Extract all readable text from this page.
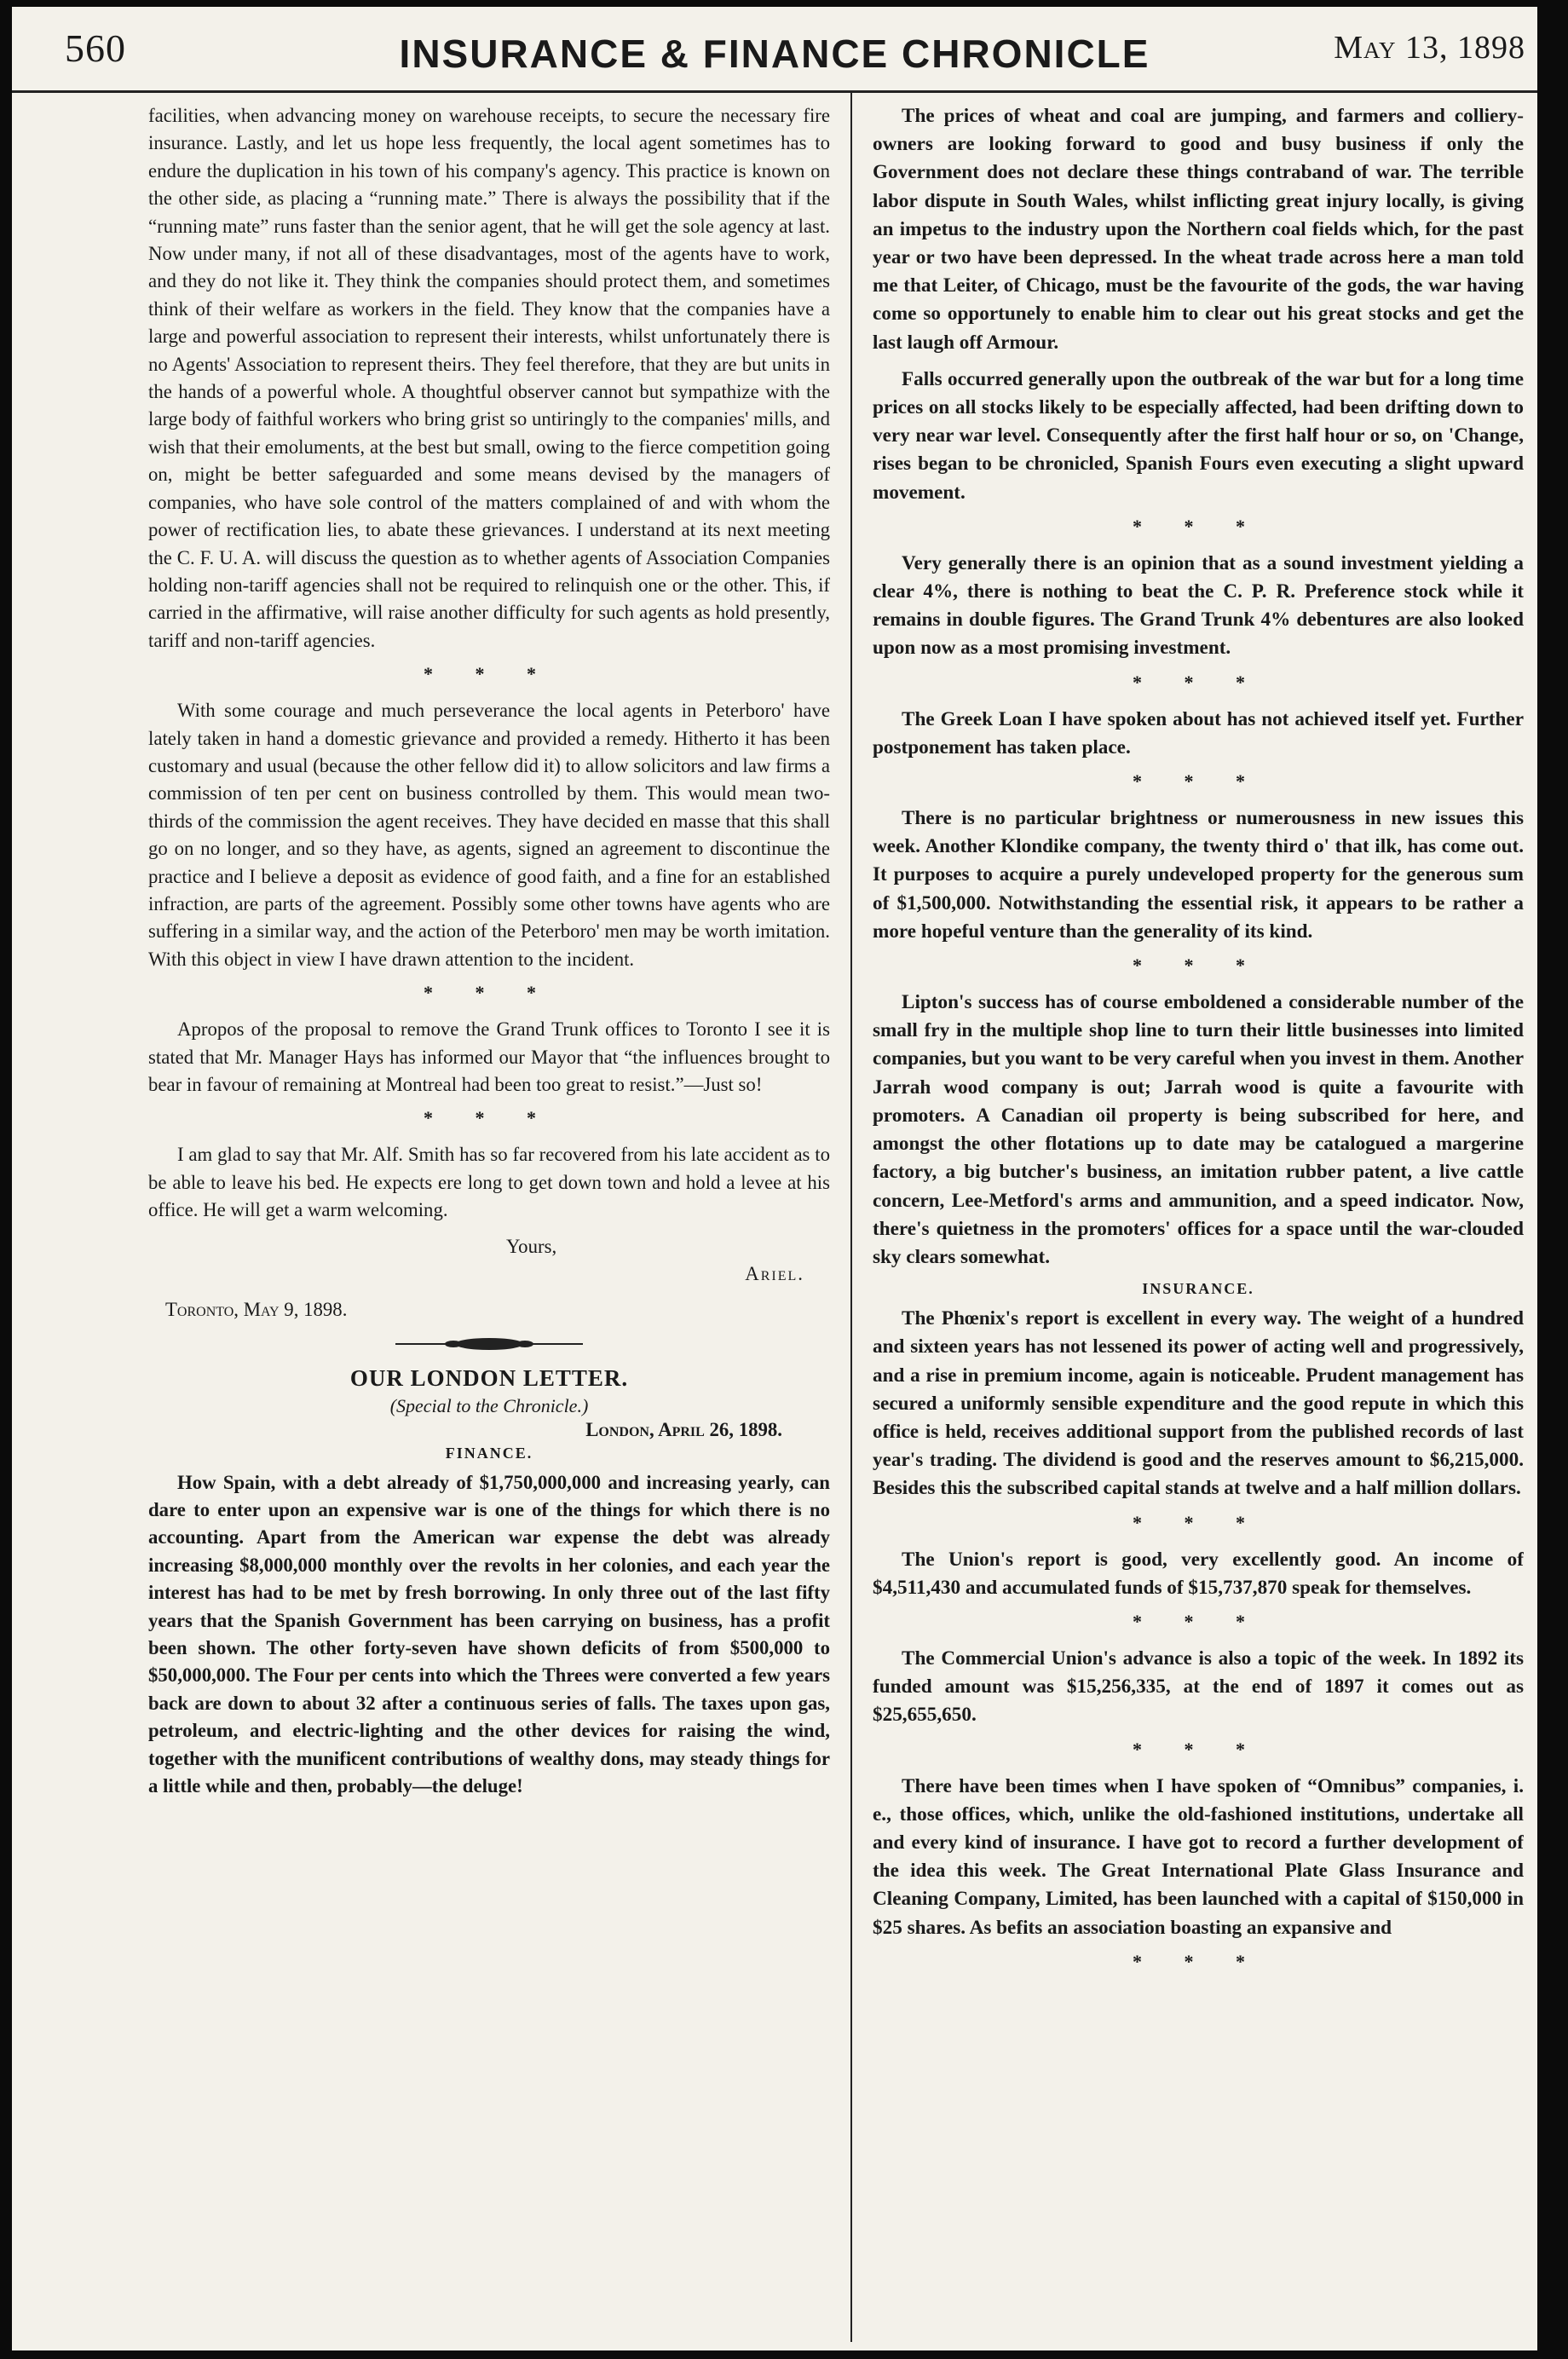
560	INSURANCE & FINANCE CHRONICLE	May 13, 1898

facilities, when advancing money on warehouse receipts, to secure the necessary fire insurance. Lastly, and let us hope less frequently, the local agent sometimes has to endure the duplication in his town of his company's agency. This practice is known on the other side, as placing a “running mate.” There is always the possibility that if the “running mate” runs faster than the senior agent, that he will get the sole agency at last. Now under many, if not all of these disadvantages, most of the agents have to work, and they do not like it. They think the companies should protect them, and sometimes think of their welfare as workers in the field. They know that the companies have a large and powerful association to represent their interests, whilst unfortunately there is no Agents' Association to represent theirs. They feel therefore, that they are but units in the hands of a powerful whole. A thoughtful observer cannot but sympathize with the large body of faithful workers who bring grist so untiringly to the companies' mills, and wish that their emoluments, at the best but small, owing to the fierce competition going on, might be better safeguarded and some means devised by the managers of companies, who have sole control of the matters complained of and with whom the power of rectification lies, to abate these grievances. I understand at its next meeting the C. F. U. A. will discuss the question as to whether agents of Association Companies holding non-tariff agencies shall not be required to relinquish one or the other. This, if carried in the affirmative, will raise another difficulty for such agents as hold presently, tariff and non-tariff agencies.

* * *

With some courage and much perseverance the local agents in Peterboro' have lately taken in hand a domestic grievance and provided a remedy. Hitherto it has been customary and usual (because the other fellow did it) to allow solicitors and law firms a commission of ten per cent on business controlled by them. This would mean two-thirds of the commission the agent receives. They have decided en masse that this shall go on no longer, and so they have, as agents, signed an agreement to discontinue the practice and I believe a deposit as evidence of good faith, and a fine for an established infraction, are parts of the agreement. Possibly some other towns have agents who are suffering in a similar way, and the action of the Peterboro' men may be worth imitation. With this object in view I have drawn attention to the incident.

* * *

Apropos of the proposal to remove the Grand Trunk offices to Toronto I see it is stated that Mr. Manager Hays has informed our Mayor that “the influences brought to bear in favour of remaining at Montreal had been too great to resist.”—Just so!

* * *

I am glad to say that Mr. Alf. Smith has so far recovered from his late accident as to be able to leave his bed. He expects ere long to get down town and hold a levee at his office. He will get a warm welcoming.

Yours,
Ariel.
Toronto, May 9, 1898.
OUR LONDON LETTER.
(Special to the Chronicle.)
London, April 26, 1898.
FINANCE.

How Spain, with a debt already of $1,750,000,000 and increasing yearly, can dare to enter upon an expensive war is one of the things for which there is no accounting. Apart from the American war expense the debt was already increasing $8,000,000 monthly over the revolts in her colonies, and each year the interest has had to be met by fresh borrowing. In only three out of the last fifty years that the Spanish Government has been carrying on business, has a profit been shown. The other forty-seven have shown deficits of from $500,000 to $50,000,000. The Four per cents into which the Threes were converted a few years back are down to about 32 after a continuous series of falls. The taxes upon gas, petroleum, and electric-lighting and the other devices for raising the wind, together with the munificent contributions of wealthy dons, may steady things for a little while and then, probably—the deluge!

The prices of wheat and coal are jumping, and farmers and colliery-owners are looking forward to good and busy business if only the Government does not declare these things contraband of war. The terrible labor dispute in South Wales, whilst inflicting great injury locally, is giving an impetus to the industry upon the Northern coal fields which, for the past year or two have been depressed. In the wheat trade across here a man told me that Leiter, of Chicago, must be the favourite of the gods, the war having come so opportunely to enable him to clear out his great stocks and get the last laugh off Armour.

Falls occurred generally upon the outbreak of the war but for a long time prices on all stocks likely to be especially affected, had been drifting down to very near war level. Consequently after the first half hour or so, on 'Change, rises began to be chronicled, Spanish Fours even executing a slight upward movement.

* * *

Very generally there is an opinion that as a sound investment yielding a clear 4%, there is nothing to beat the C. P. R. Preference stock while it remains in double figures. The Grand Trunk 4% debentures are also looked upon now as a most promising investment.

* * *

The Greek Loan I have spoken about has not achieved itself yet. Further postponement has taken place.

* * *

There is no particular brightness or numerousness in new issues this week. Another Klondike company, the twenty third o' that ilk, has come out. It purposes to acquire a purely undeveloped property for the generous sum of $1,500,000. Notwithstanding the essential risk, it appears to be rather a more hopeful venture than the generality of its kind.

* * *

Lipton's success has of course emboldened a considerable number of the small fry in the multiple shop line to turn their little businesses into limited companies, but you want to be very careful when you invest in them. Another Jarrah wood company is out; Jarrah wood is quite a favourite with promoters. A Canadian oil property is being subscribed for here, and amongst the other flotations up to date may be catalogued a margerine factory, a big butcher's business, an imitation rubber patent, a live cattle concern, Lee-Metford's arms and ammunition, and a speed indicator. Now, there's quietness in the promoters' offices for a space until the war-clouded sky clears somewhat.

INSURANCE.

The Phœnix's report is excellent in every way. The weight of a hundred and sixteen years has not lessened its power of acting well and progressively, and a rise in premium income, again is noticeable. Prudent management has secured a uniformly sensible expenditure and the good repute in which this office is held, receives additional support from the published records of last year's trading. The dividend is good and the reserves amount to $6,215,000. Besides this the subscribed capital stands at twelve and a half million dollars.

* * *

The Union's report is good, very excellently good. An income of $4,511,430 and accumulated funds of $15,737,870 speak for themselves.

* * *

The Commercial Union's advance is also a topic of the week. In 1892 its funded amount was $15,256,335, at the end of 1897 it comes out as $25,655,650.

* * *

There have been times when I have spoken of “Omnibus” companies, i. e., those offices, which, unlike the old-fashioned institutions, undertake all and every kind of insurance. I have got to record a further development of the idea this week. The Great International Plate Glass Insurance and Cleaning Company, Limited, has been launched with a capital of $150,000 in $25 shares. As befits an association boasting an expansive and

* * *
